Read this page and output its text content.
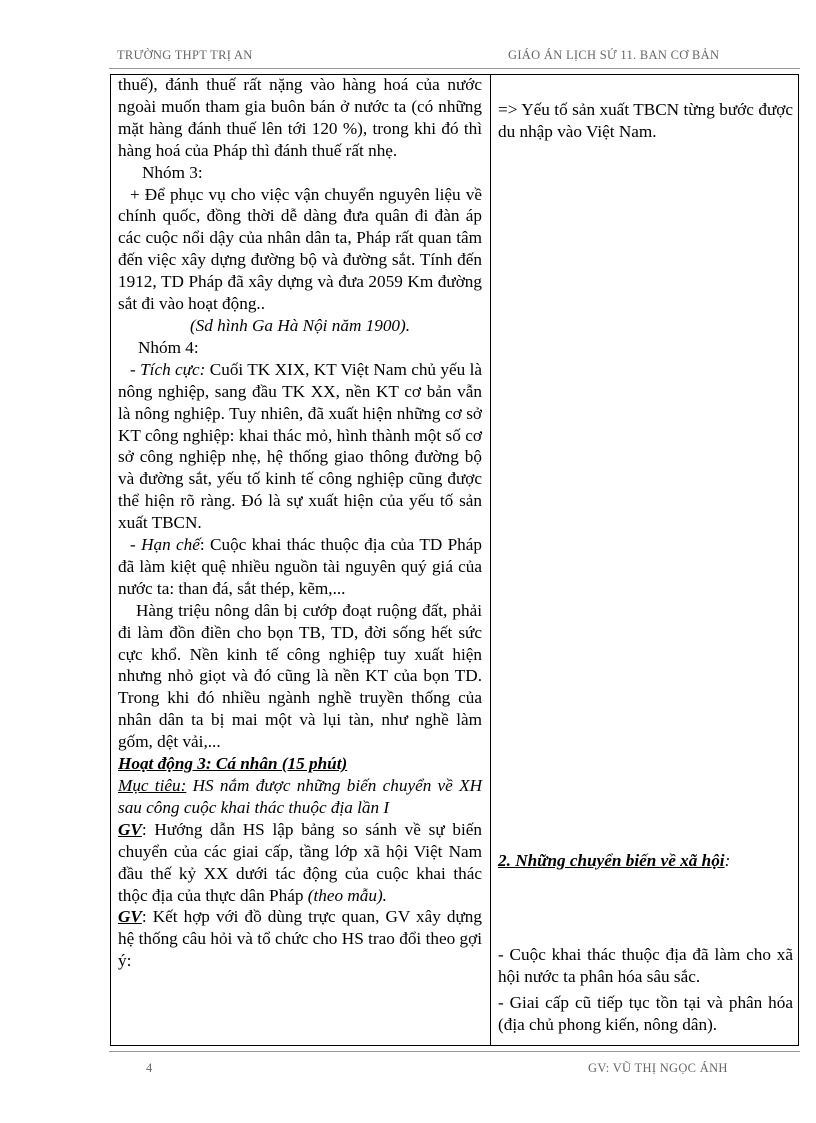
TRƯỜNG THPT TRỊ AN	GIÁO ÁN LỊCH SỬ 11. BAN CƠ BẢN

thuế), đánh thuế rất nặng vào hàng hoá của nước ngoài muốn tham gia buôn bán ở nước ta (có những mặt hàng đánh thuế lên tới 120 %), trong khi đó thì hàng hoá của Pháp thì đánh thuế rất nhẹ.

Nhóm 3:

+ Để phục vụ cho việc vận chuyển nguyên liệu về chính quốc, đồng thời dễ dàng đưa quân đi đàn áp các cuộc nổi dậy của nhân dân ta, Pháp rất quan tâm đến việc xây dựng đường bộ và đường sắt. Tính đến 1912, TD Pháp đã xây dựng và đưa 2059 Km đường sắt đi vào hoạt động..

(Sd hình Ga Hà Nội năm 1900).

Nhóm 4:

- Tích cực: Cuối TK XIX, KT Việt Nam chủ yếu là nông nghiệp, sang đầu TK XX, nền KT cơ bản vẫn là nông nghiệp. Tuy nhiên, đã xuất hiện những cơ sở KT công nghiệp: khai thác mỏ, hình thành một số cơ sở công nghiệp nhẹ, hệ thống giao thông đường bộ và đường sắt, yếu tố kinh tế công nghiệp cũng được thể hiện rõ ràng. Đó là sự xuất hiện của yếu tố sản xuất TBCN.

- Hạn chế: Cuộc khai thác thuộc địa của TD Pháp đã làm kiệt quệ nhiều nguồn tài nguyên quý giá của nước ta: than đá, sắt thép, kẽm,...

Hàng triệu nông dân bị cướp đoạt ruộng đất, phải đi làm đồn điền cho bọn TB, TD, đời sống hết sức cực khổ. Nền kinh tế công nghiệp tuy xuất hiện nhưng nhỏ giọt và đó cũng là nền KT của bọn TD. Trong khi đó nhiều ngành nghề truyền thống của nhân dân ta bị mai một và lụi tàn, như nghề làm gốm, dệt vải,...

Hoạt động 3: Cá nhân (15 phút)

Mục tiêu: HS nắm được những biến chuyển về XH sau công cuộc khai thác thuộc địa lần I

GV: Hướng dẫn HS lập bảng so sánh về sự biến chuyển của các giai cấp, tầng lớp xã hội Việt Nam đầu thế kỷ XX dưới tác động của cuộc khai thác thộc địa của thực dân Pháp (theo mẫu).

GV: Kết hợp với đồ dùng trực quan, GV xây dựng hệ thống câu hỏi và tổ chức cho HS trao đổi theo gợi ý:

=> Yếu tố sản xuất TBCN từng bước được du nhập vào Việt Nam.

2. Những chuyển biến về xã hội:

- Cuộc khai thác thuộc địa đã làm cho xã hội nước ta phân hóa sâu sắc.

- Giai cấp cũ tiếp tục tồn tại và phân hóa (địa chủ phong kiến, nông dân).

4	GV: VŨ THỊ NGỌC ÁNH
